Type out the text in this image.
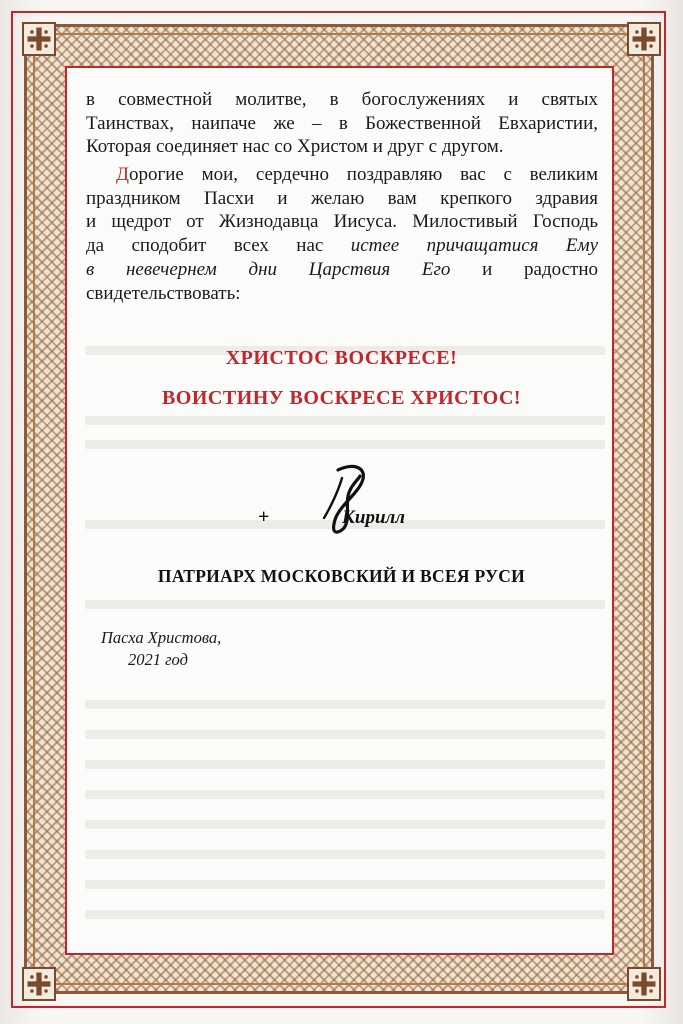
в совместной молитве, в богослужениях и святых
Таинствах, наипаче же – в Божественной Евхаристии,
Которая соединяет нас со Христом и друг с другом.
Дорогие мои, сердечно поздравляю вас с великим
праздником Пасхи и желаю вам крепкого здравия
и щедрот от Жизнодавца Иисуса. Милостивый Господь
да сподобит всех нас истее причащатися Ему
в невечернем дни Царствия Его и радостно
свидетельствовать:
ХРИСТОС ВОСКРЕСЕ!
ВОИСТИНУ ВОСКРЕСЕ ХРИСТОС!
+	Кирилл
ПАТРИАРХ МОСКОВСКИЙ И ВСЕЯ РУСИ
Пасха Христова,
2021 год
